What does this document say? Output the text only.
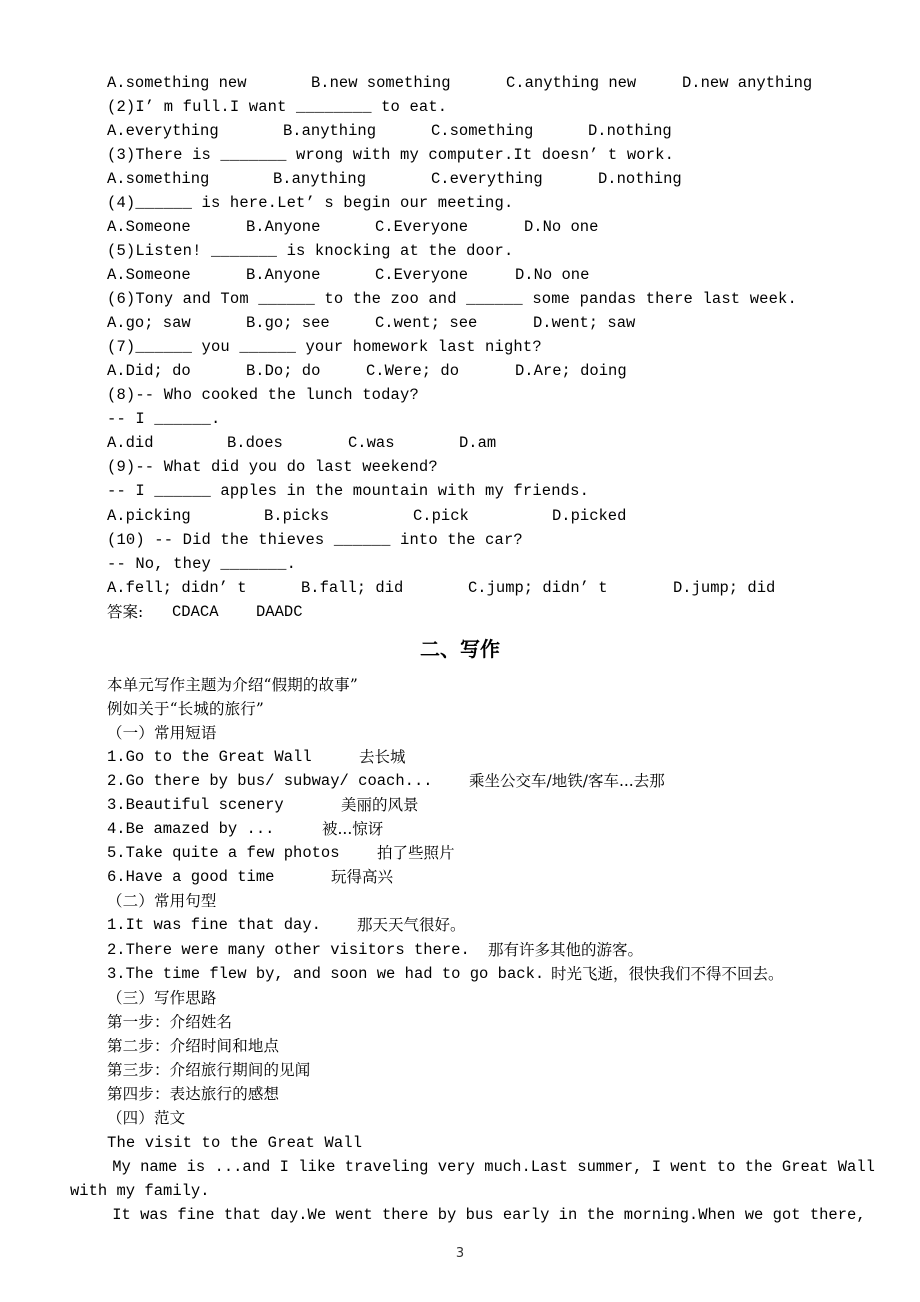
A.something new	B.new something	C.anything new	D.new anything
(2)I’ m full.I want ________ to eat.
A.everything	B.anything	C.something	D.nothing
(3)There is _______ wrong with my computer.It doesn’ t work.
A.something	B.anything	C.everything	D.nothing
(4)______ is here.Let’ s begin our meeting.
A.Someone	B.Anyone	C.Everyone	D.No one
(5)Listen! _______ is knocking at the door.
A.Someone	B.Anyone	C.Everyone	D.No one
(6)Tony and Tom ______ to the zoo and ______ some pandas there last week.
A.go; saw	B.go; see	C.went; see	D.went; saw
(7)______ you ______ your homework last night?
A.Did; do	B.Do; do	C.Were; do	D.Are; doing
(8)-- Who cooked the lunch today?
-- I ______.
A.did	B.does	C.was	D.am
(9)-- What did you do last weekend?
-- I ______ apples in the mountain with my friends.
A.picking	B.picks	C.pick	D.picked
(10) -- Did the thieves ______ into the car?
-- No, they _______.
A.fell; didn’ t	B.fall; did	C.jump; didn’ t	D.jump; did
答案: CDACA DAADC
二、写作
本单元写作主题为介绍“假期的故事”
例如关于“长城的旅行”
（一）常用短语
1.Go to the Great Wall	去长城
2.Go there by bus/ subway/ coach... 乘坐公交车/地铁/客车...去那
3.Beautiful scenery	美丽的风景
4.Be amazed by ...	被...惊讶
5.Take quite a few photos 拍了些照片
6.Have a good time	玩得高兴
（二）常用句型
1.It was fine that day. 那天天气很好。
2.There were many other visitors there. 那有许多其他的游客。
3.The time flew by, and soon we had to go back. 时光飞逝，很快我们不得不回去。
（三）写作思路
第一步：介绍姓名
第二步：介绍时间和地点
第三步：介绍旅行期间的见闻
第四步：表达旅行的感想
（四）范文
The visit to the Great Wall
My name is ...and I like traveling very much.Last summer, I went to the Great Wall
with my family.
It was fine that day.We went there by bus early in the morning.When we got there,
3
